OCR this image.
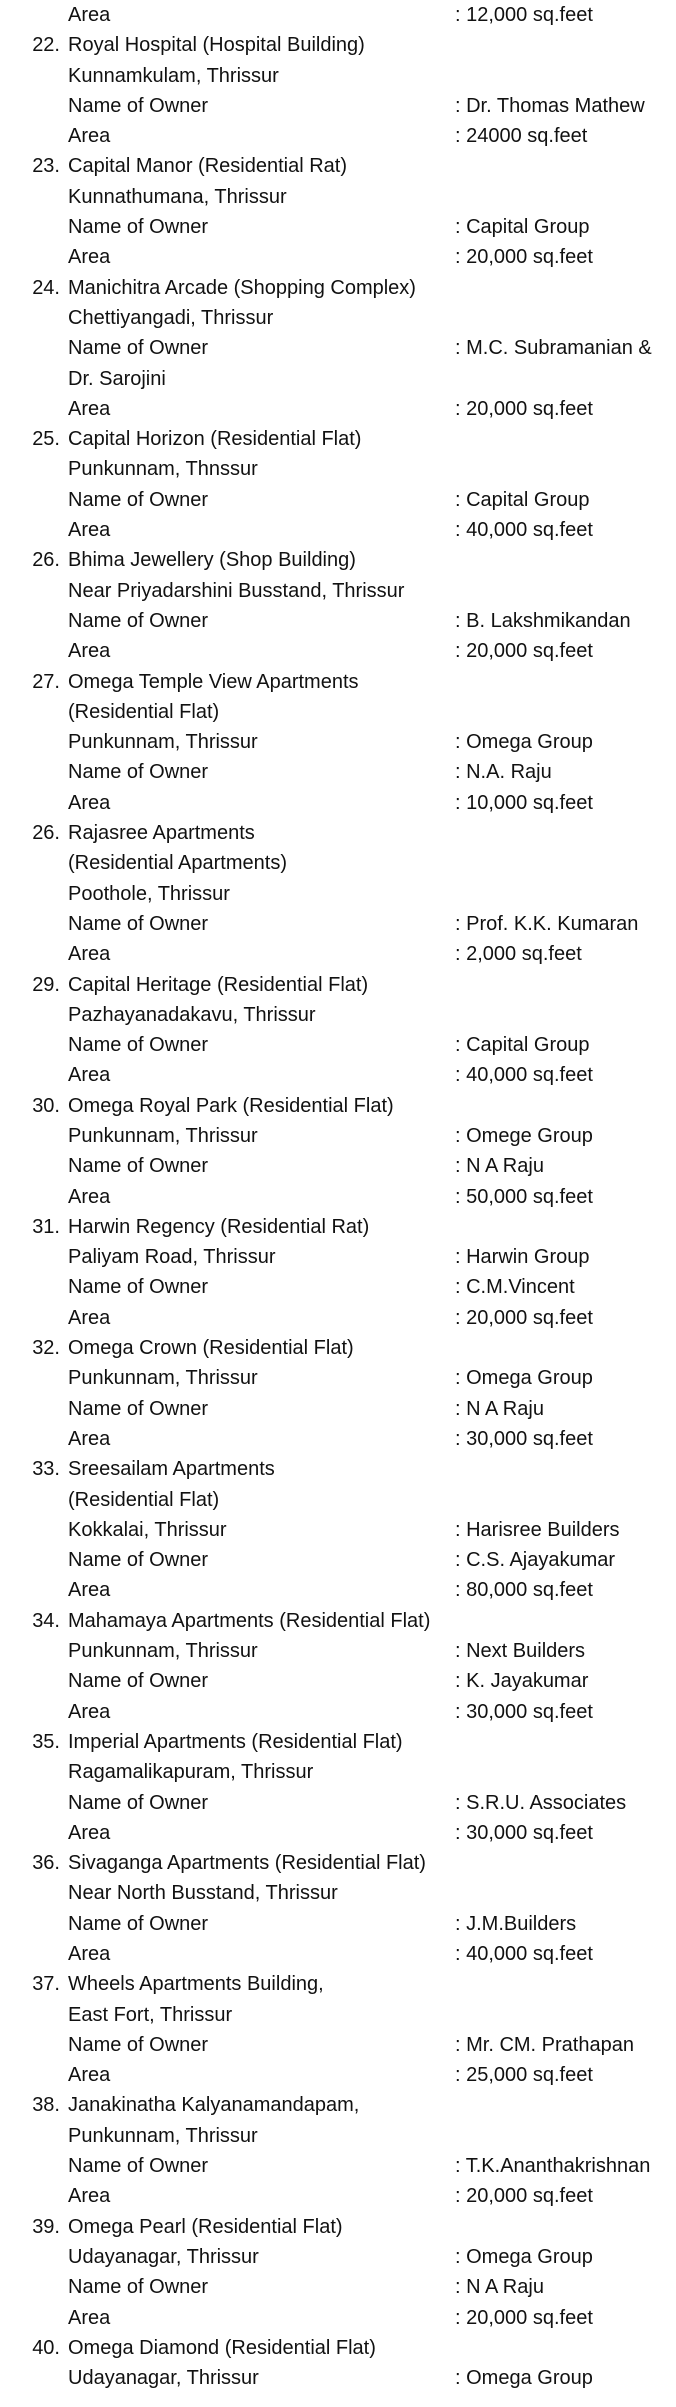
Area	: 12,000 sq.feet
22. Royal Hospital (Hospital Building)
Kunnamkulam, Thrissur
Name of Owner	: Dr. Thomas Mathew
Area	: 24000 sq.feet
23. Capital Manor (Residential Rat)
Kunnathumana, Thrissur
Name of Owner	: Capital Group
Area	: 20,000 sq.feet
24. Manichitra Arcade (Shopping Complex)
Chettiyangadi, Thrissur
Name of Owner	: M.C. Subramanian &
Dr. Sarojini
Area	: 20,000 sq.feet
25. Capital Horizon (Residential Flat)
Punkunnam, Thnssur
Name of Owner	: Capital Group
Area	: 40,000 sq.feet
26. Bhima Jewellery (Shop Building)
Near Priyadarshini Busstand, Thrissur
Name of Owner	: B. Lakshmikandan
Area	: 20,000 sq.feet
27. Omega Temple View Apartments
(Residential Flat)
Punkunnam, Thrissur	: Omega Group
Name of Owner	: N.A. Raju
Area	: 10,000 sq.feet
26. Rajasree Apartments
(Residential Apartments)
Poothole, Thrissur
Name of Owner	: Prof. K.K. Kumaran
Area	: 2,000 sq.feet
29. Capital Heritage (Residential Flat)
Pazhayanadakavu, Thrissur
Name of Owner	: Capital Group
Area	: 40,000 sq.feet
30. Omega Royal Park (Residential Flat)
Punkunnam, Thrissur	: Omege Group
Name of Owner	: N A Raju
Area	: 50,000 sq.feet
31. Harwin Regency (Residential Rat)
Paliyam Road, Thrissur	: Harwin Group
Name of Owner	: C.M.Vincent
Area	: 20,000 sq.feet
32. Omega Crown (Residential Flat)
Punkunnam, Thrissur	: Omega Group
Name of Owner	: N A Raju
Area	: 30,000 sq.feet
33. Sreesailam Apartments
(Residential Flat)
Kokkalai, Thrissur	: Harisree Builders
Name of Owner	: C.S. Ajayakumar
Area	: 80,000 sq.feet
34. Mahamaya Apartments (Residential Flat)
Punkunnam, Thrissur	: Next Builders
Name of Owner	: K. Jayakumar
Area	: 30,000 sq.feet
35. Imperial Apartments (Residential Flat)
Ragamalikapuram, Thrissur
Name of Owner	: S.R.U. Associates
Area	: 30,000 sq.feet
36. Sivaganga Apartments (Residential Flat)
Near North Busstand, Thrissur
Name of Owner	: J.M.Builders
Area	: 40,000 sq.feet
37. Wheels Apartments Building,
East Fort, Thrissur
Name of Owner	: Mr. CM. Prathapan
Area	: 25,000 sq.feet
38. Janakinatha Kalyanamandapam,
Punkunnam, Thrissur
Name of Owner	: T.K.Ananthakrishnan
Area	: 20,000 sq.feet
39. Omega Pearl (Residential Flat)
Udayanagar, Thrissur	: Omega Group
Name of Owner	: N A Raju
Area	: 20,000 sq.feet
40. Omega Diamond (Residential Flat)
Udayanagar, Thrissur	: Omega Group
